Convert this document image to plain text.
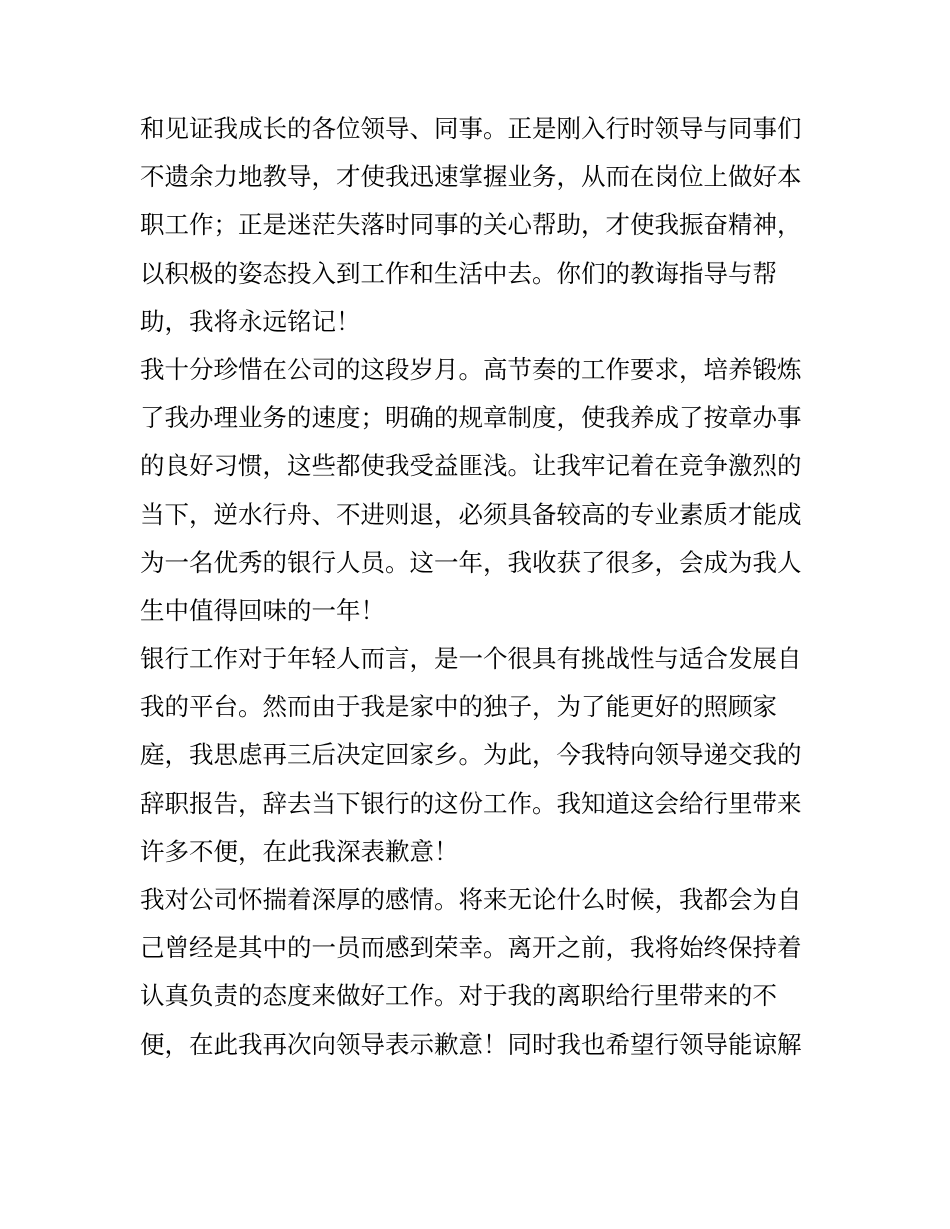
和见证我成长的各位领导、同事。正是刚入行时领导与同事们
不遗余力地教导，才使我迅速掌握业务，从而在岗位上做好本
职工作；正是迷茫失落时同事的关心帮助，才使我振奋精神，
以积极的姿态投入到工作和生活中去。你们的教诲指导与帮
助，我将永远铭记！
我十分珍惜在公司的这段岁月。高节奏的工作要求，培养锻炼
了我办理业务的速度；明确的规章制度，使我养成了按章办事
的良好习惯，这些都使我受益匪浅。让我牢记着在竞争激烈的
当下，逆水行舟、不进则退，必须具备较高的专业素质才能成
为一名优秀的银行人员。这一年，我收获了很多，会成为我人
生中值得回味的一年！
银行工作对于年轻人而言，是一个很具有挑战性与适合发展自
我的平台。然而由于我是家中的独子，为了能更好的照顾家
庭，我思虑再三后决定回家乡。为此，今我特向领导递交我的
辞职报告，辞去当下银行的这份工作。我知道这会给行里带来
许多不便，在此我深表歉意！
我对公司怀揣着深厚的感情。将来无论什么时候，我都会为自
己曾经是其中的一员而感到荣幸。离开之前，我将始终保持着
认真负责的态度来做好工作。对于我的离职给行里带来的不
便，在此我再次向领导表示歉意！同时我也希望行领导能谅解
